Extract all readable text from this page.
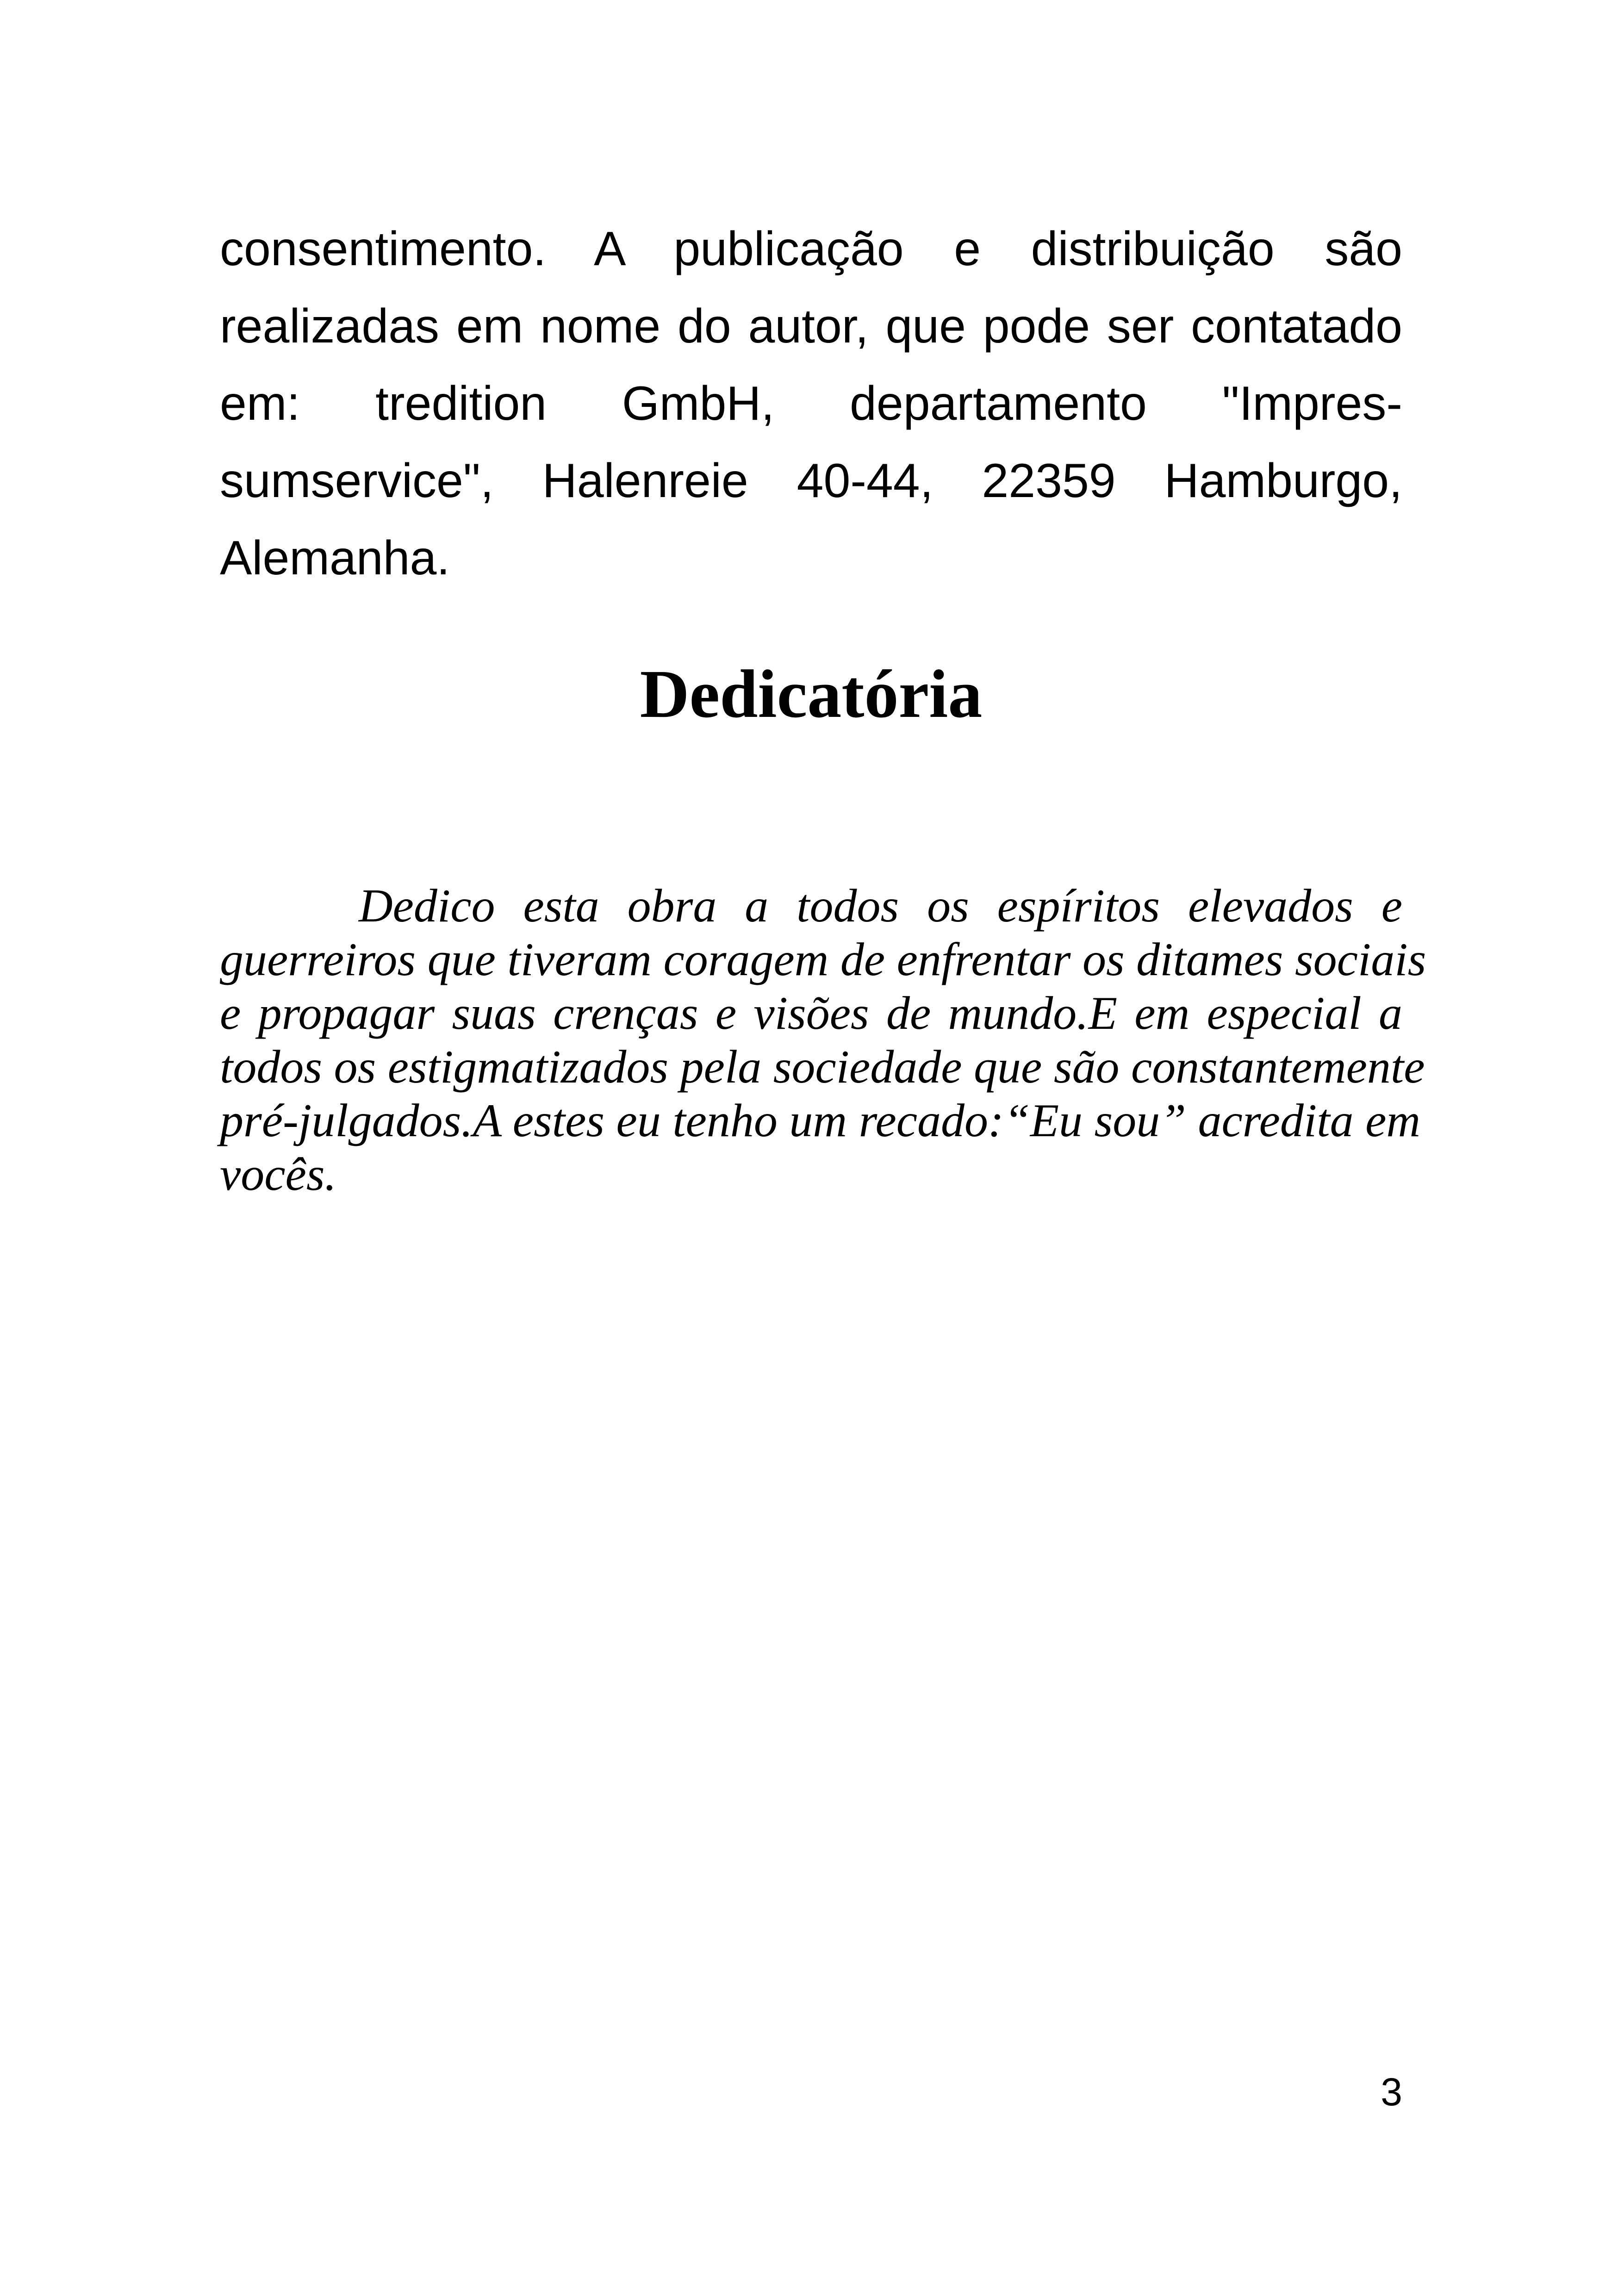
consentimento. A publicação e distribuição são
realizadas em nome do autor, que pode ser contatado
em: tredition GmbH, departamento "Impres-
sumservice", Halenreie 40-44, 22359 Hamburgo,
Alemanha.

Dedicatória

Dedico esta obra a todos os espíritos elevados e
guerreiros que tiveram coragem de enfrentar os ditames sociais
e propagar suas crenças e visões de mundo.E em especial a
todos os estigmatizados pela sociedade que são constantemente
pré-julgados.A estes eu tenho um recado:“Eu sou” acredita em
vocês.

3
